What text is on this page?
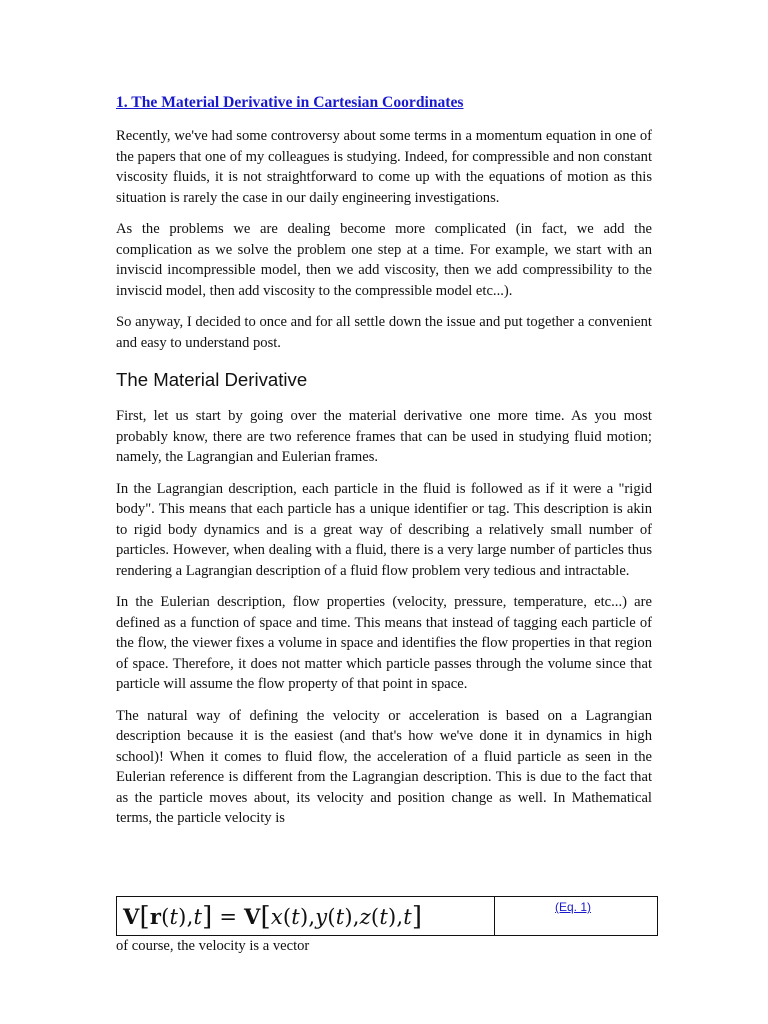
1. The Material Derivative in Cartesian Coordinates

Recently, we've had some controversy about some terms in a momentum equation in one of the papers that one of my colleagues is studying. Indeed, for compressible and non constant viscosity fluids, it is not straightforward to come up with the equations of motion as this situation is rarely the case in our daily engineering investigations.

As the problems we are dealing become more complicated (in fact, we add the complication as we solve the problem one step at a time. For example, we start with an inviscid incompressible model, then we add viscosity, then we add compressibility to the inviscid model, then add viscosity to the compressible model etc...).

So anyway, I decided to once and for all settle down the issue and put together a convenient and easy to understand post.

The Material Derivative

First, let us start by going over the material derivative one more time. As you most probably know, there are two reference frames that can be used in studying fluid motion; namely, the Lagrangian and Eulerian frames.

In the Lagrangian description, each particle in the fluid is followed as if it were a "rigid body". This means that each particle has a unique identifier or tag. This description is akin to rigid body dynamics and is a great way of describing a relatively small number of particles. However, when dealing with a fluid, there is a very large number of particles thus rendering a Lagrangian description of a fluid flow problem very tedious and intractable.

In the Eulerian description, flow properties (velocity, pressure, temperature, etc...) are defined as a function of space and time. This means that instead of tagging each particle of the flow, the viewer fixes a volume in space and identifies the flow properties in that region of space. Therefore, it does not matter which particle passes through the volume since that particle will assume the flow property of that point in space.

The natural way of defining the velocity or acceleration is based on a Lagrangian description because it is the easiest (and that's how we've done it in dynamics in high school)! When it comes to fluid flow, the acceleration of a fluid particle as seen in the Eulerian reference is different from the Lagrangian description. This is due to the fact that as the particle moves about, its velocity and position change as well. In Mathematical terms, the particle velocity is

V[r(t),t] = V[x(t),y(t),z(t),t]	(Eq. 1)
of course, the velocity is a vector
